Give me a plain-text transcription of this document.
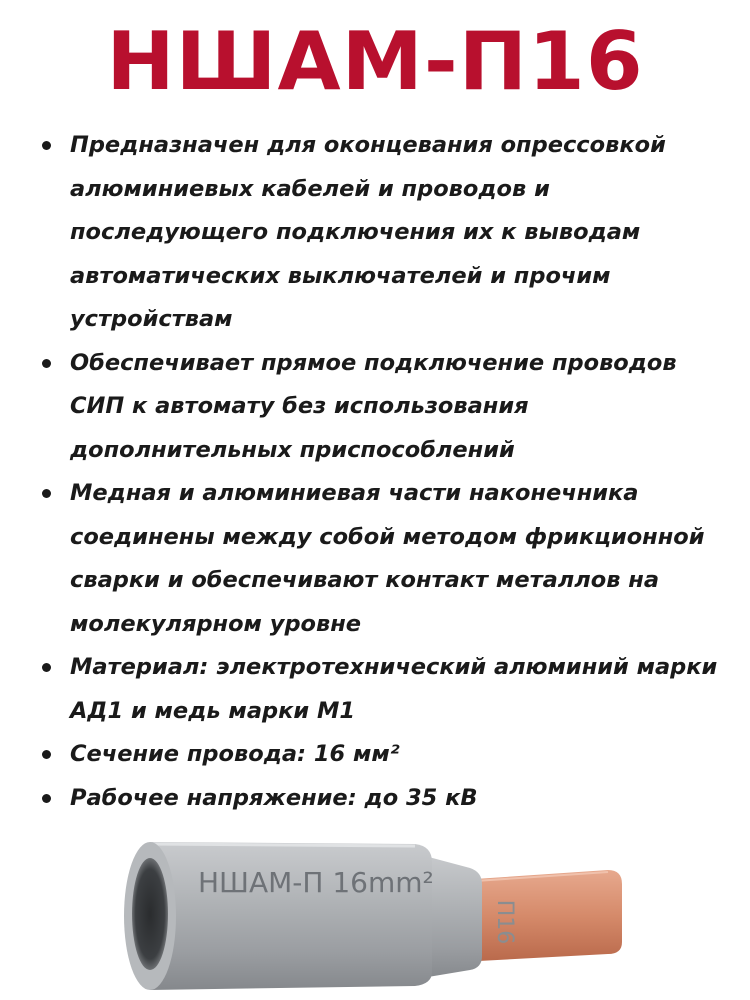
НШАМ-П16
Предназначен для оконцевания опрессовкой алюминиевых кабелей и проводов и последующего подключения их к выводам автоматических выключателей и прочим устройствам
Обеспечивает прямое подключение проводов СИП к автомату без использования дополнительных приспособлений
Медная и алюминиевая части наконечника соединены между собой методом фрикционной сварки и обеспечивают контакт металлов на молекулярном уровне
Материал: электротехнический алюминий марки АД1 и медь марки М1
Сечение провода: 16 мм²
Рабочее напряжение: до 35 кВ
НШАМ-П 16mm²
П16
